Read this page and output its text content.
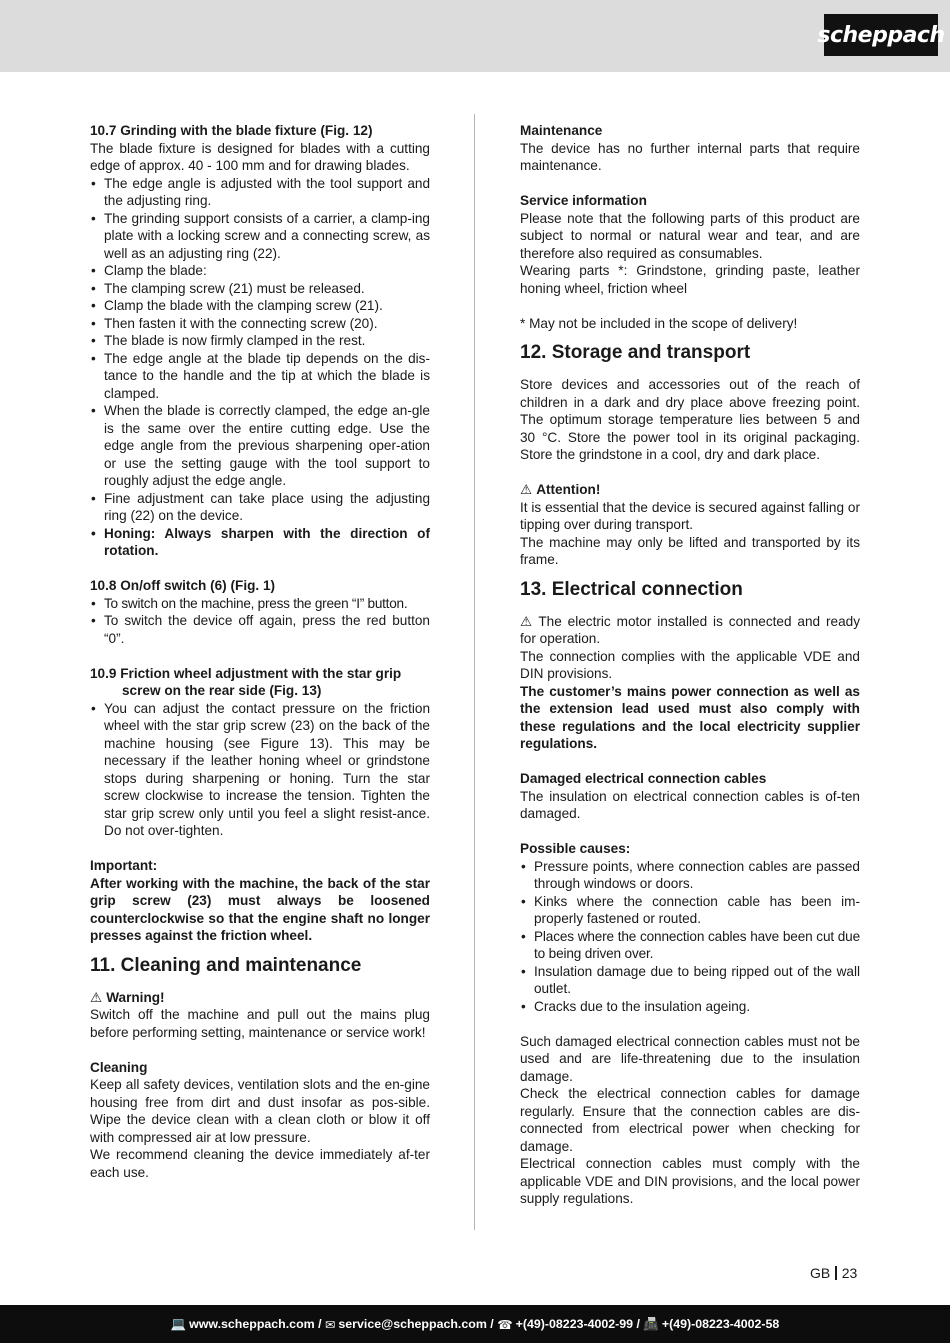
scheppach
10.7 Grinding with the blade fixture (Fig. 12)
The blade fixture is designed for blades with a cutting edge of approx. 40 - 100 mm and for drawing blades.
• The edge angle is adjusted with the tool support and the adjusting ring.
• The grinding support consists of a carrier, a clamp-ing plate with a locking screw and a connecting screw, as well as an adjusting ring (22).
• Clamp the blade:
• The clamping screw (21) must be released.
• Clamp the blade with the clamping screw (21).
• Then fasten it with the connecting screw (20).
• The blade is now firmly clamped in the rest.
• The edge angle at the blade tip depends on the dis-tance to the handle and the tip at which the blade is clamped.
• When the blade is correctly clamped, the edge an-gle is the same over the entire cutting edge. Use the edge angle from the previous sharpening oper-ation or use the setting gauge with the tool support to roughly adjust the edge angle.
• Fine adjustment can take place using the adjusting ring (22) on the device.
• Honing: Always sharpen with the direction of rotation.
10.8 On/off switch (6) (Fig. 1)
• To switch on the machine, press the green “I” button.
• To switch the device off again, press the red button “0”.
10.9 Friction wheel adjustment with the star grip
screw on the rear side (Fig. 13)
• You can adjust the contact pressure on the friction wheel with the star grip screw (23) on the back of the machine housing (see Figure 13). This may be necessary if the leather honing wheel or grindstone stops during sharpening or honing. Turn the star screw clockwise to increase the tension. Tighten the star grip screw only until you feel a slight resist-ance. Do not over-tighten.
Important:
After working with the machine, the back of the star grip screw (23) must always be loosened counterclockwise so that the engine shaft no longer presses against the friction wheel.
11. Cleaning and maintenance
⚠ Warning!
Switch off the machine and pull out the mains plug before performing setting, maintenance or service work!
Cleaning
Keep all safety devices, ventilation slots and the en-gine housing free from dirt and dust insofar as pos-sible. Wipe the device clean with a clean cloth or blow it off with compressed air at low pressure.
We recommend cleaning the device immediately af-ter each use.
Maintenance
The device has no further internal parts that require maintenance.
Service information
Please note that the following parts of this product are subject to normal or natural wear and tear, and are therefore also required as consumables.
Wearing parts *: Grindstone, grinding paste, leather honing wheel, friction wheel
* May not be included in the scope of delivery!
12. Storage and transport
Store devices and accessories out of the reach of children in a dark and dry place above freezing point. The optimum storage temperature lies between 5 and 30 °C. Store the power tool in its original packaging. Store the grindstone in a cool, dry and dark place.
⚠ Attention!
It is essential that the device is secured against falling or tipping over during transport.
The machine may only be lifted and transported by its frame.
13. Electrical connection
⚠ The electric motor installed is connected and ready for operation.
The connection complies with the applicable VDE and DIN provisions.
The customer’s mains power connection as well as the extension lead used must also comply with these regulations and the local electricity supplier regulations.
Damaged electrical connection cables
The insulation on electrical connection cables is of-ten damaged.
Possible causes:
• Pressure points, where connection cables are passed through windows or doors.
• Kinks where the connection cable has been im-properly fastened or routed.
• Places where the connection cables have been cut due to being driven over.
• Insulation damage due to being ripped out of the wall outlet.
• Cracks due to the insulation ageing.
Such damaged electrical connection cables must not be used and are life-threatening due to the insulation damage.
Check the electrical connection cables for damage regularly. Ensure that the connection cables are dis-connected from electrical power when checking for damage.
Electrical connection cables must comply with the applicable VDE and DIN provisions, and the local power supply regulations.
GB 23
💻 www.scheppach.com /
✉ service@scheppach.com /
☎ +(49)-08223-4002-99 /
📠 +(49)-08223-4002-58
